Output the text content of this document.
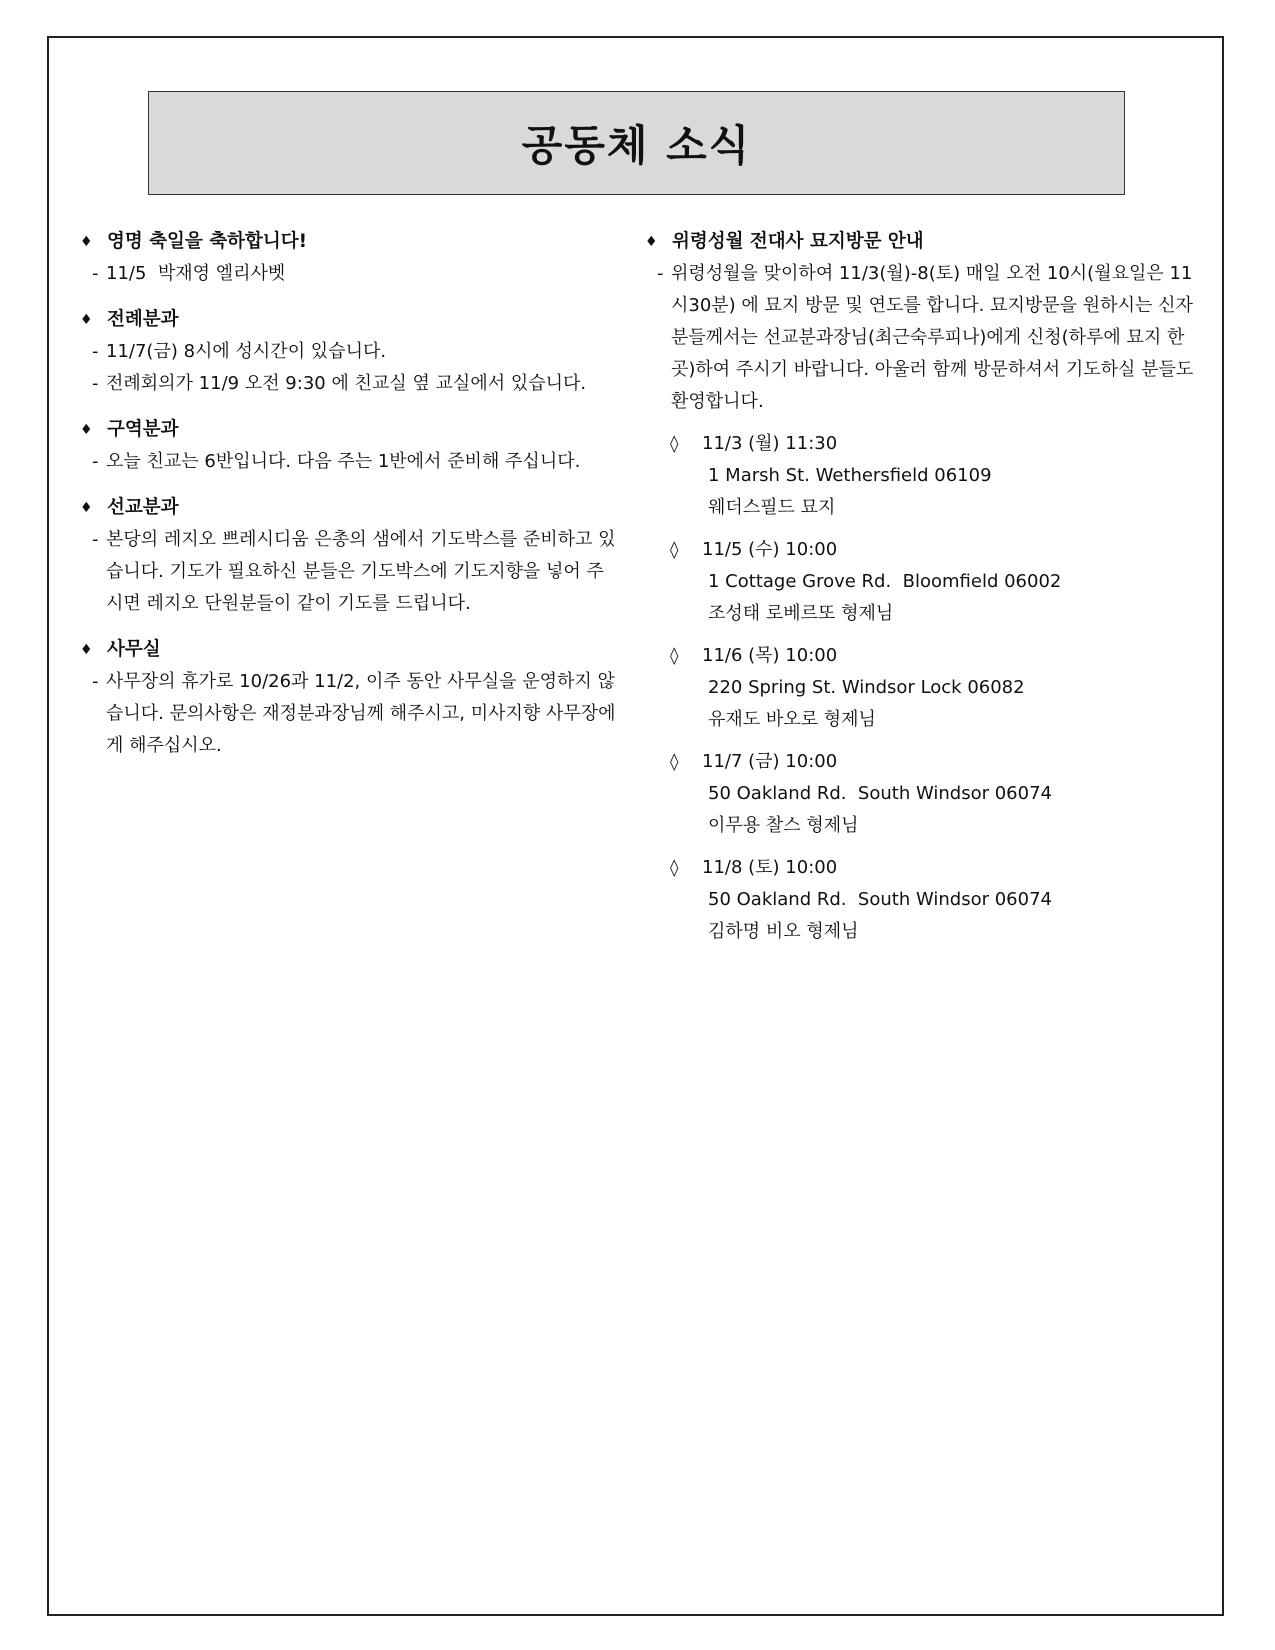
공동체 소식
♦ 영명 축일을 축하합니다!
- 11/5  박재영 엘리사벳
♦ 전례분과
- 11/7(금) 8시에 성시간이 있습니다.
- 전례회의가 11/9 오전 9:30 에 친교실 옆 교실에서 있습니다.
♦ 구역분과
- 오늘 친교는 6반입니다. 다음 주는 1반에서 준비해 주십니다.
♦ 선교분과
- 본당의 레지오 쁘레시디움 은총의 샘에서 기도박스를 준비하고 있습니다. 기도가 필요하신 분들은 기도박스에 기도지향을 넣어 주시면 레지오 단원분들이 같이 기도를 드립니다.
♦ 사무실
- 사무장의 휴가로 10/26과 11/2, 이주 동안 사무실을 운영하지 않습니다. 문의사항은 재정분과장님께 해주시고, 미사지향 사무장에게 해주십시오.
♦ 위령성월 전대사 묘지방문 안내
- 위령성월을 맞이하여 11/3(월)-8(토) 매일 오전 10시(월요일은 11시30분) 에 묘지 방문 및 연도를 합니다. 묘지방문을 원하시는 신자분들께서는 선교분과장님(최근숙루피나)에게 신청(하루에 묘지 한 곳)하여 주시기 바랍니다. 아울러 함께 방문하셔서 기도하실 분들도 환영합니다.
◊	11/3 (월) 11:30
1 Marsh St. Wethersfield 06109
웨더스필드 묘지
◊	11/5 (수) 10:00
1 Cottage Grove Rd.  Bloomfield 06002
조성태 로베르또 형제님
◊	11/6 (목) 10:00
220 Spring St. Windsor Lock 06082
유재도 바오로 형제님
◊	11/7 (금) 10:00
50 Oakland Rd.  South Windsor 06074
이무용 찰스 형제님
◊	11/8 (토) 10:00
50 Oakland Rd.  South Windsor 06074
김하명 비오 형제님
